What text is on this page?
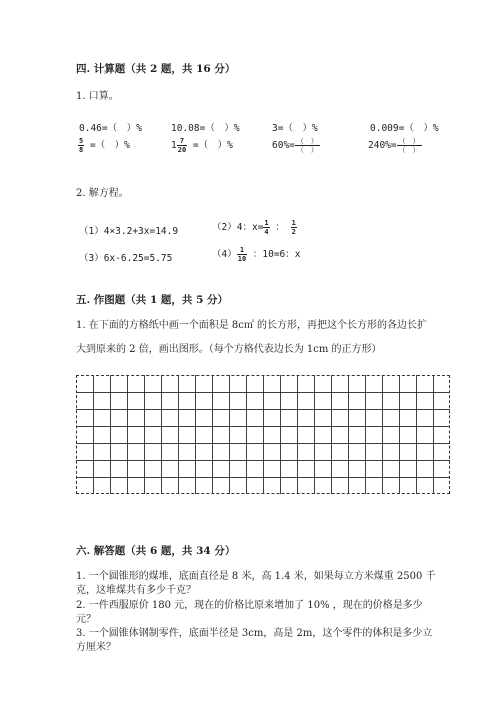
四. 计算题（共 2 题，共 16 分）
1. 口算。
0.46=（　）%	10.08=（　）%	3=（　）%	0.009=（　）%
$\frac{5}{8}$ =（　）%	$1 \frac{7}{20}$ =（　）%	$60\%= \frac{( )}{( )}$	$240\%= \frac{( )}{( )}$
2. 解方程。
（1）4×3.2+3x=14.9	（2）4：$x= \frac{1}{4}$ ： $\frac{1}{2}$
（3）6x-6.25=5.75	$(4) \frac{1}{10}$ ：10=6：x
五. 作图题（共 1 题，共 5 分）
1. 在下面的方格纸中画一个面积是 8c㎡ 的长方形，再把这个长方形的各边长扩
大到原来的 2 倍，画出图形。（每个方格代表边长为 1cm 的正方形）
六. 解答题（共 6 题，共 34 分）
1. 一个圆锥形的煤堆，底面直径是 8 米，高 1.4 米，如果每立方米煤重 2500 千
克，这堆煤共有多少千克？
2. 一件西服原价 180 元，现在的价格比原来增加了 10% ，现在的价格是多少
元？
3. 一个圆锥体钢制零件，底面半径是 3cm，高是 2m，这个零件的体积是多少立
方厘米？
